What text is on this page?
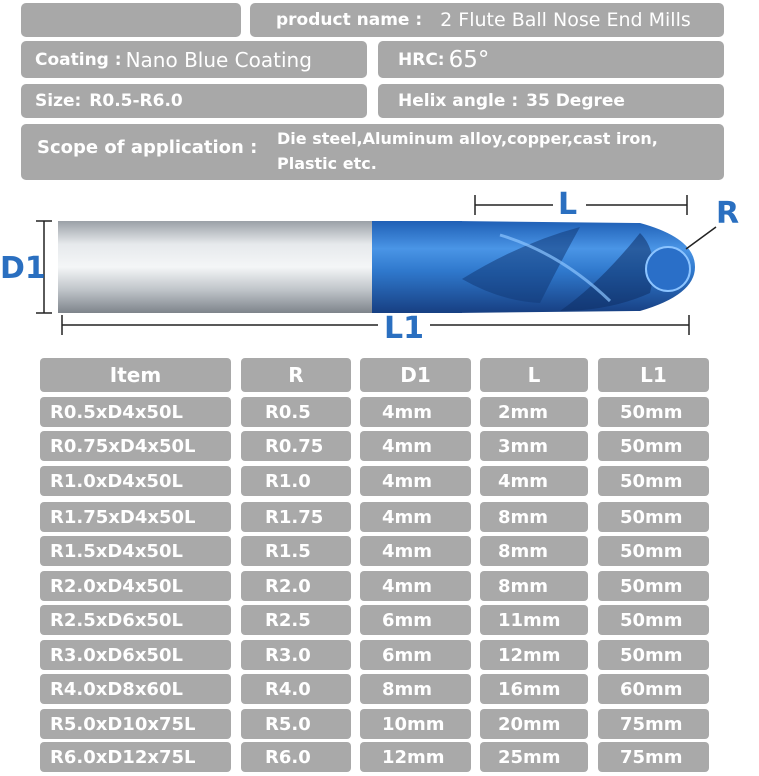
product name : 2 Flute Ball Nose End Mills
Coating : Nano Blue Coating	HRC: 65°
Size: R0.5-R6.0	Helix angle : 35 Degree
Scope of application : Die steel,Aluminum alloy,copper,cast iron,
Plastic etc.
L	R
D1
L1
Item	R	D1	L	L1
R0.5xD4x50L	R0.5	4mm	2mm	50mm
R0.75xD4x50L	R0.75	4mm	3mm	50mm
R1.0xD4x50L	R1.0	4mm	4mm	50mm
R1.75xD4x50L	R1.75	4mm	8mm	50mm
R1.5xD4x50L	R1.5	4mm	8mm	50mm
R2.0xD4x50L	R2.0	4mm	8mm	50mm
R2.5xD6x50L	R2.5	6mm	11mm	50mm
R3.0xD6x50L	R3.0	6mm	12mm	50mm
R4.0xD8x60L	R4.0	8mm	16mm	60mm
R5.0xD10x75L	R5.0	10mm	20mm	75mm
R6.0xD12x75L	R6.0	12mm	25mm	75mm
